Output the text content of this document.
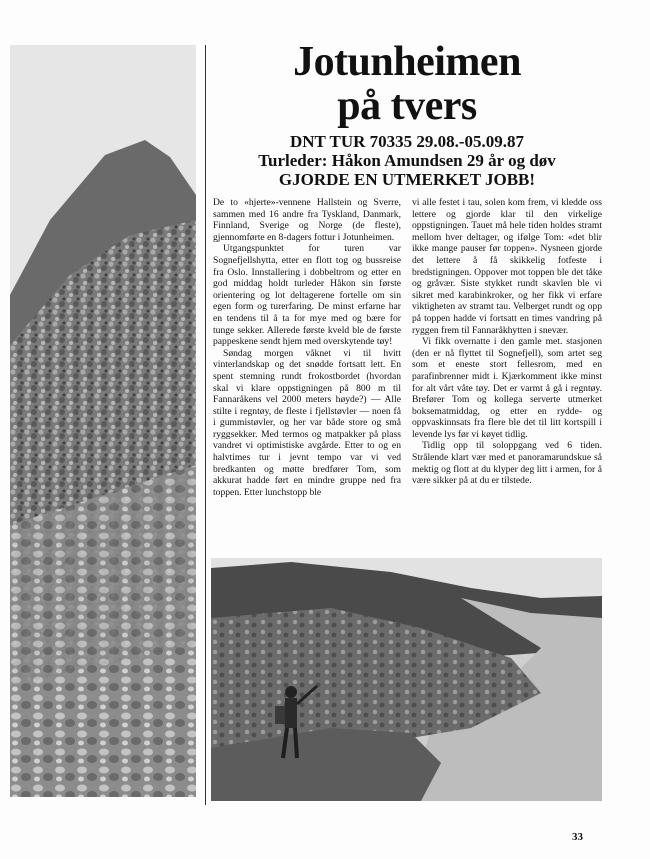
Jotunheimen
på tvers
DNT TUR 70335 29.08.-05.09.87
Turleder: Håkon Amundsen 29 år og døv
GJORDE EN UTMERKET JOBB!

De to «hjerte»-vennene Hallstein og Sverre, sammen med 16 andre fra Tyskland, Danmark, Finnland, Sverige og Norge (de fleste), gjennomførte en 8-dagers fottur i Jotunheimen.

Utgangspunktet for turen var Sognefjellshytta, etter en flott tog og bussreise fra Oslo. Innstallering i dobbeltrom og etter en god middag holdt turleder Håkon sin første orientering og lot deltagerene fortelle om sin egen form og turerfaring. De minst erfarne har en tendens til å ta for mye med og bære for tunge sekker. Allerede første kveld ble de første pappeskene sendt hjem med overskytende tøy!

Søndag morgen våknet vi til hvitt vinterlandskap og det snødde fortsatt lett. En spent stemning rundt frokostbordet (hvordan skal vi klare oppstigningen på 800 m til Fannaråkens vel 2000 meters høyde?) — Alle stilte i regntøy, de fleste i fjellstøvler — noen få i gummistøvler, og her var både store og små ryggsekker. Med termos og matpakker på plass vandret vi optimistiske avgårde. Etter to og en halvtimes tur i jevnt tempo var vi ved bredkanten og møtte bredfører Tom, som akkurat hadde ført en mindre gruppe ned fra toppen. Etter lunchstopp ble

vi alle festet i tau, solen kom frem, vi kledde oss lettere og gjorde klar til den virkelige oppstigningen. Tauet må hele tiden holdes stramt mellom hver deltager, og ifølge Tom: «det blir ikke mange pauser før toppen». Nysneen gjorde det lettere å få skikkelig fotfeste i bredstigningen. Oppover mot toppen ble det tåke og gråvær. Siste stykket rundt skavlen ble vi sikret med karabinkroker, og her fikk vi erfare viktigheten av stramt tau. Velberget rundt og opp på toppen hadde vi fortsatt en times vandring på ryggen frem til Fannaråkhytten i snevær.

Vi fikk overnatte i den gamle met. stasjonen (den er nå flyttet til Sognefjell), som artet seg som et eneste stort fellesrom, med en parafinbrenner midt i. Kjærkomment ikke minst for alt vårt våte tøy. Det er varmt å gå i regntøy. Breførеr Tom og kollega serverte utmerket boksematmiddag, og etter en rydde- og oppvaskinnsats fra flere ble det til litt kortspill i levende lys før vi køyet tidlig.

Tidlig opp til soloppgang ved 6 tiden. Strålende klart vær med et panoramarundskue så mektig og flott at du klyper deg litt i armen, for å være sikker på at du er tilstede.

33
